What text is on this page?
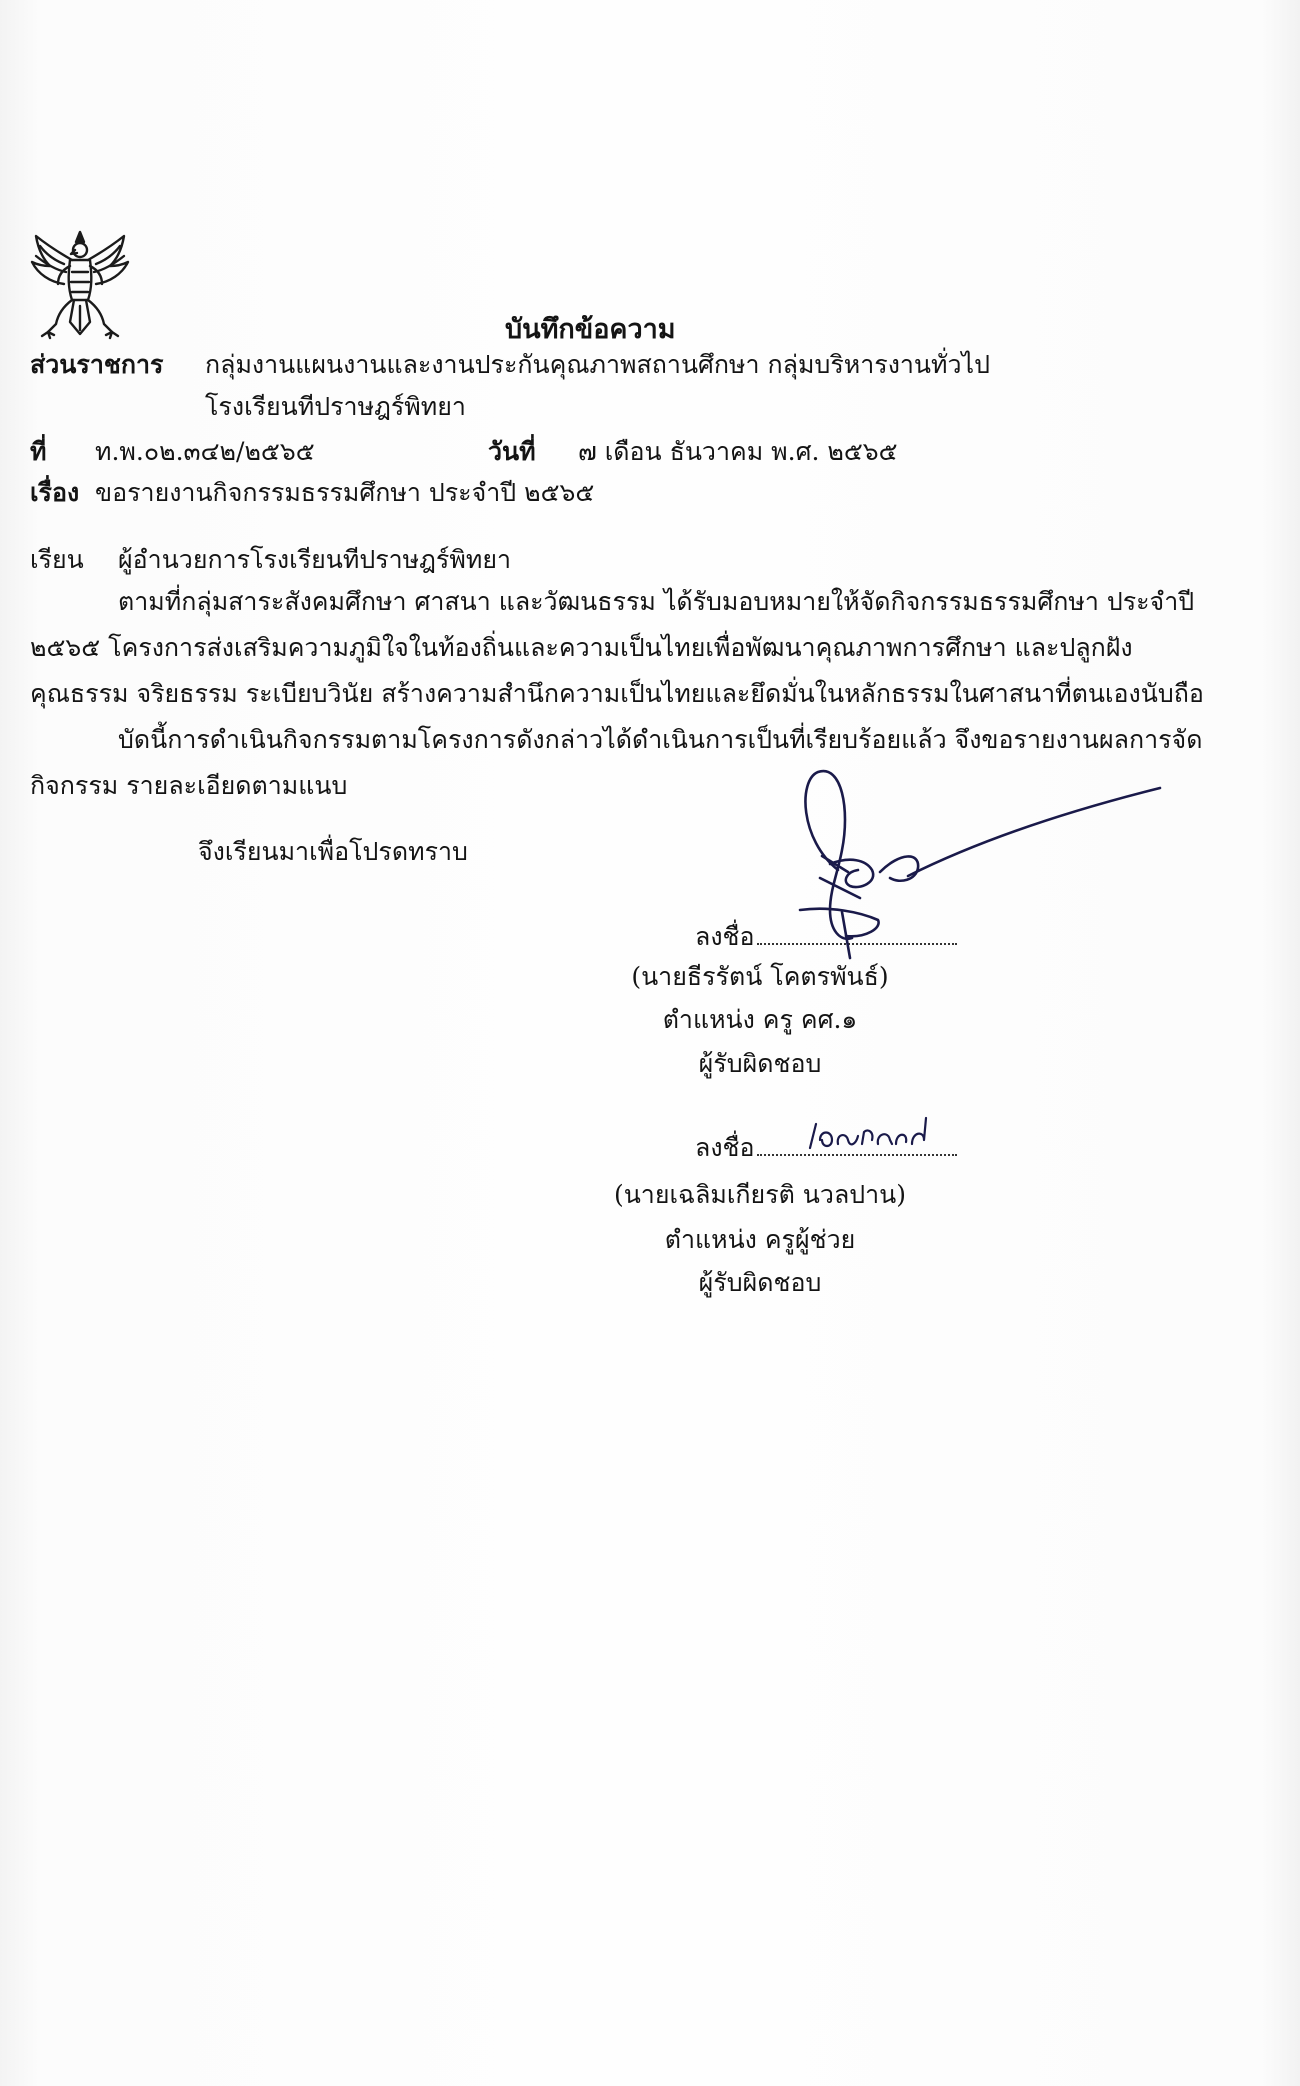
บันทึกข้อความ
ส่วนราชการ กลุ่มงานแผนงานและงานประกันคุณภาพสถานศึกษา กลุ่มบริหารงานทั่วไป
โรงเรียนทีปราษฎร์พิทยา
ที่ ท.พ.๐๒.๓๔๒/๒๕๖๕	วันที่ ๗ เดือน ธันวาคม พ.ศ. ๒๕๖๕
เรื่อง ขอรายงานกิจกรรมธรรมศึกษา ประจำปี ๒๕๖๕
เรียน ผู้อำนวยการโรงเรียนทีปราษฎร์พิทยา
ตามที่กลุ่มสาระสังคมศึกษา ศาสนา และวัฒนธรรม ได้รับมอบหมายให้จัดกิจกรรมธรรมศึกษา ประจำปี
๒๕๖๕ โครงการส่งเสริมความภูมิใจในท้องถิ่นและความเป็นไทยเพื่อพัฒนาคุณภาพการศึกษา และปลูกฝัง
คุณธรรม จริยธรรม ระเบียบวินัย สร้างความสำนึกความเป็นไทยและยึดมั่นในหลักธรรมในศาสนาที่ตนเองนับถือ
บัดนี้การดำเนินกิจกรรมตามโครงการดังกล่าวได้ดำเนินการเป็นที่เรียบร้อยแล้ว จึงขอรายงานผลการจัด
กิจกรรม รายละเอียดตามแนบ
จึงเรียนมาเพื่อโปรดทราบ
ลงชื่อ
(นายธีรรัตน์ โคตรพันธ์)
ตำแหน่ง ครู คศ.๑
ผู้รับผิดชอบ
ลงชื่อ
(นายเฉลิมเกียรติ นวลปาน)
ตำแหน่ง ครูผู้ช่วย
ผู้รับผิดชอบ
